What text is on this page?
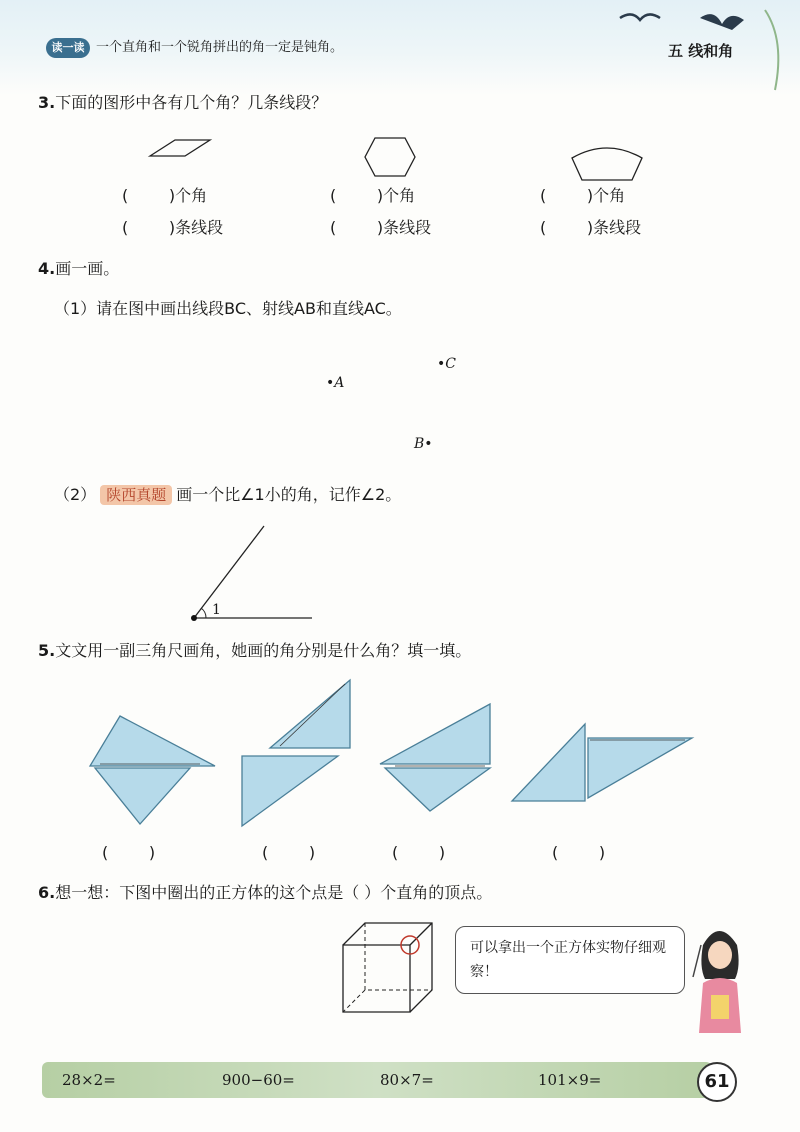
读一读 一个直角和一个锐角拼出的角一定是钝角。	五 线和角
3.下面的图形中各有几个角？几条线段？
(        )个角	(        )个角	(        )个角
(        )条线段	(        )条线段	(        )条线段
4.画一画。
（1）请在图中画出线段BC、射线AB和直线AC。
•A
•C
B•
（2） 陕西真题 画一个比∠1小的角，记作∠2。
1
5.文文用一副三角尺画角，她画的角分别是什么角？填一填。
(        )	(        )	(        )	(        )
6.想一想：下图中圈出的正方体的这个点是（ ）个直角的顶点。
可以拿出一个正方体实物仔细观察！
28×2=	900−60=	80×7=	101×9=	61
